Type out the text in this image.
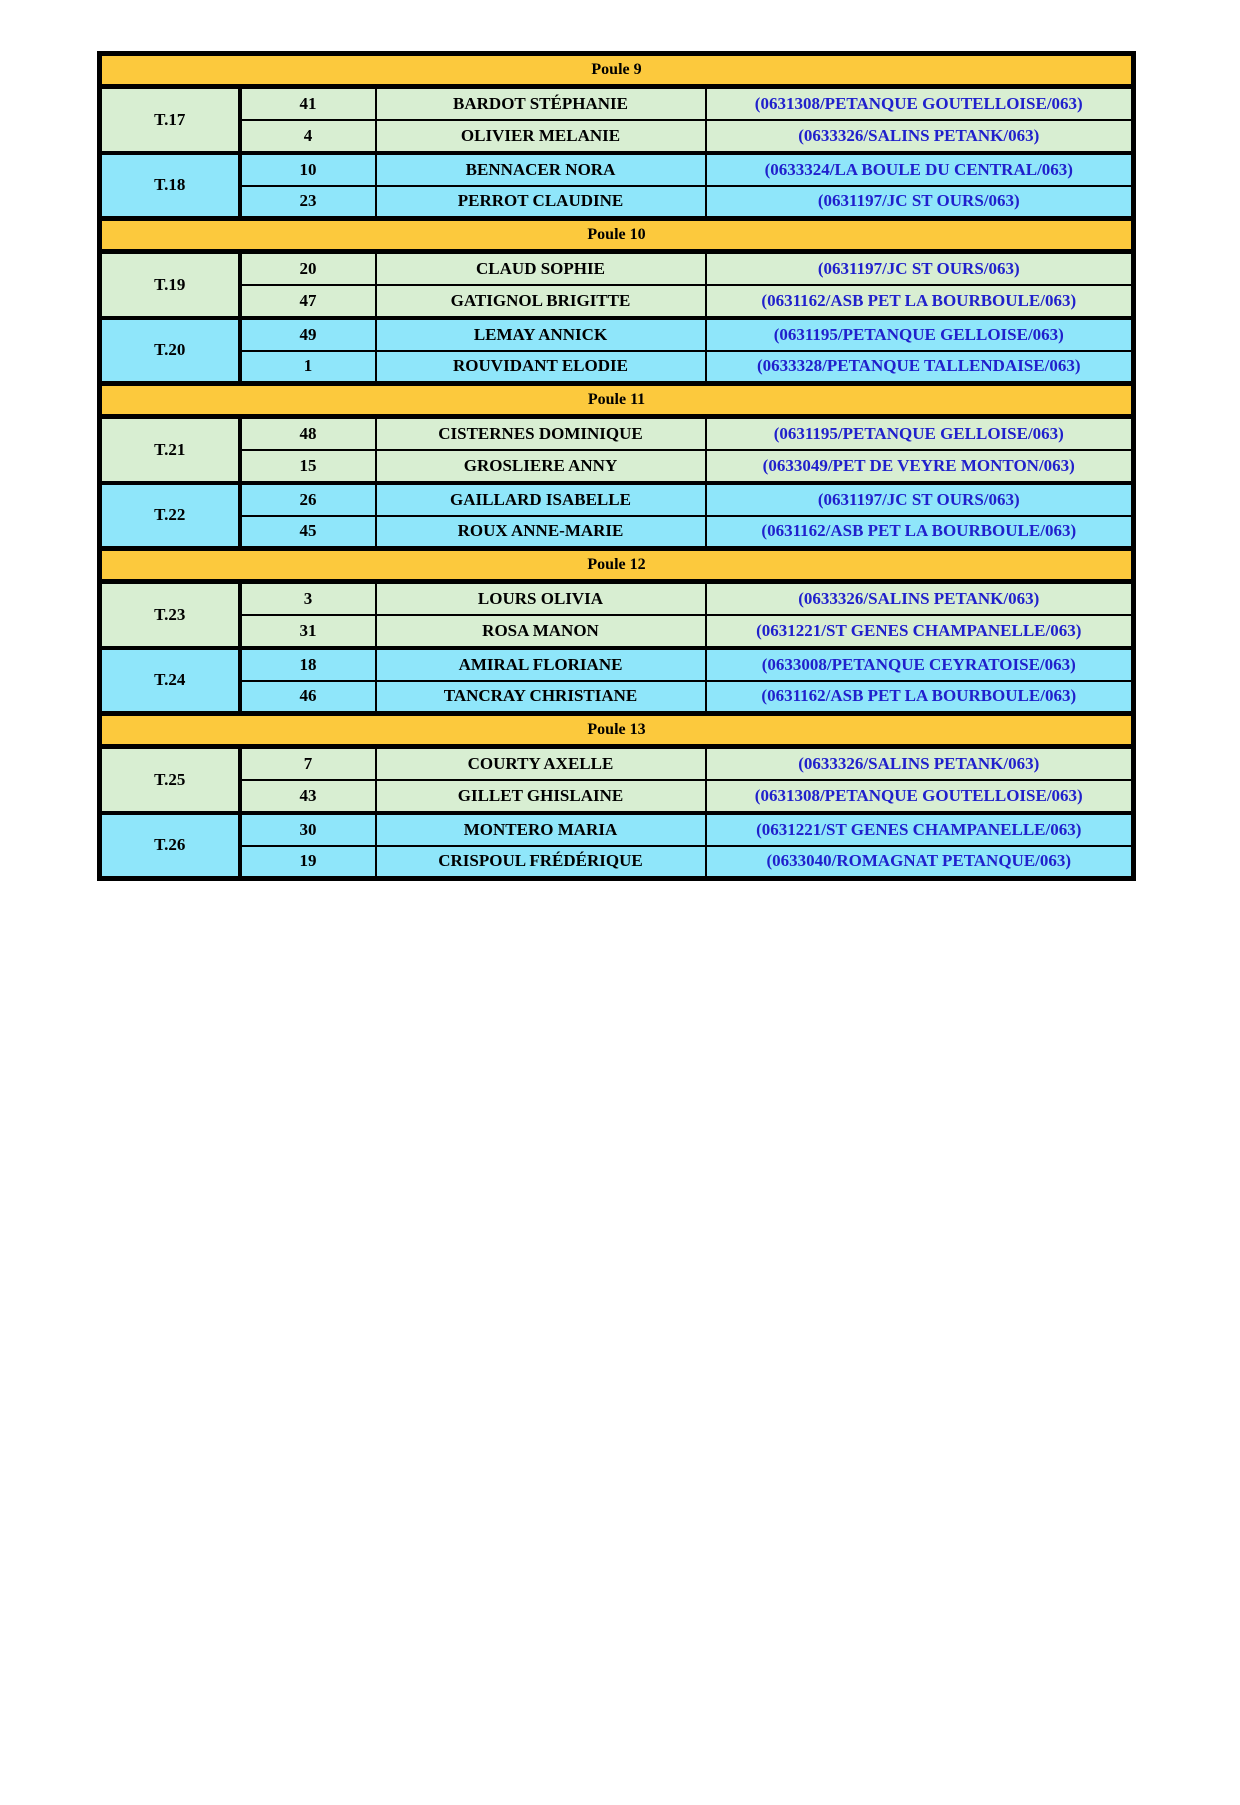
Poule 9			
T.17	41	BARDOT STÉPHANIE	(0631308/PETANQUE GOUTELLOISE/063)
	4	OLIVIER MELANIE	(0633326/SALINS PETANK/063)
T.18	10	BENNACER NORA	(0633324/LA BOULE DU CENTRAL/063)
	23	PERROT CLAUDINE	(0631197/JC ST OURS/063)
Poule 10			
T.19	20	CLAUD SOPHIE	(0631197/JC ST OURS/063)
	47	GATIGNOL BRIGITTE	(0631162/ASB PET LA BOURBOULE/063)
T.20	49	LEMAY ANNICK	(0631195/PETANQUE GELLOISE/063)
	1	ROUVIDANT ELODIE	(0633328/PETANQUE TALLENDAISE/063)
Poule 11			
T.21	48	CISTERNES DOMINIQUE	(0631195/PETANQUE GELLOISE/063)
	15	GROSLIERE ANNY	(0633049/PET DE VEYRE MONTON/063)
T.22	26	GAILLARD ISABELLE	(0631197/JC ST OURS/063)
	45	ROUX ANNE-MARIE	(0631162/ASB PET LA BOURBOULE/063)
Poule 12			
T.23	3	LOURS OLIVIA	(0633326/SALINS PETANK/063)
	31	ROSA MANON	(0631221/ST GENES CHAMPANELLE/063)
T.24	18	AMIRAL FLORIANE	(0633008/PETANQUE CEYRATOISE/063)
	46	TANCRAY CHRISTIANE	(0631162/ASB PET LA BOURBOULE/063)
Poule 13			
T.25	7	COURTY AXELLE	(0633326/SALINS PETANK/063)
	43	GILLET GHISLAINE	(0631308/PETANQUE GOUTELLOISE/063)
T.26	30	MONTERO MARIA	(0631221/ST GENES CHAMPANELLE/063)
	19	CRISPOUL FRÉDÉRIQUE	(0633040/ROMAGNAT PETANQUE/063)
